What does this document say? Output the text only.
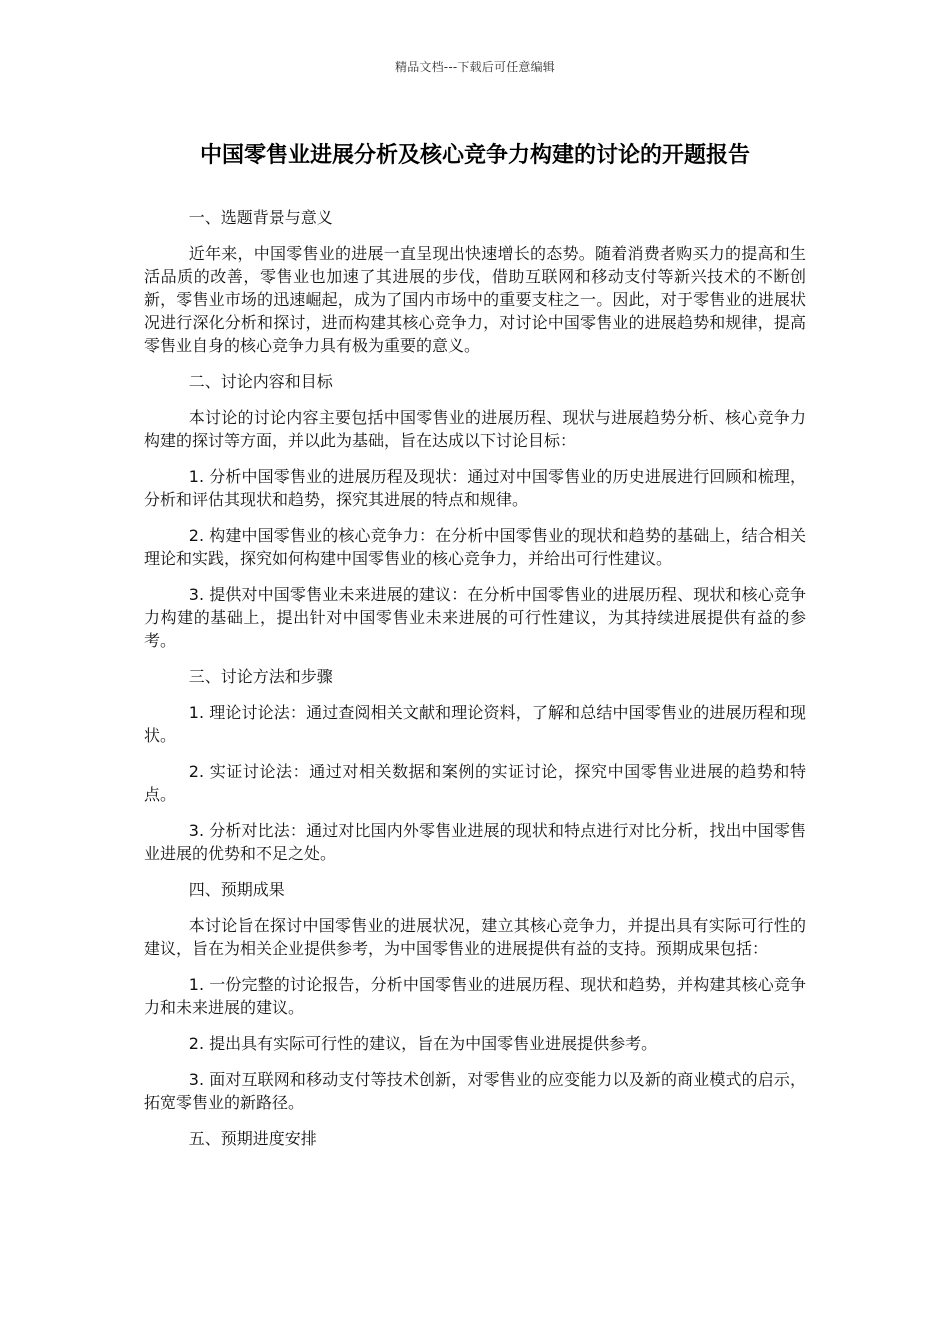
精品文档---下载后可任意编辑
中国零售业进展分析及核心竞争力构建的讨论的开题报告

一、选题背景与意义

近年来，中国零售业的进展一直呈现出快速增长的态势。随着消费者购买力的提高和生活品质的改善，零售业也加速了其进展的步伐，借助互联网和移动支付等新兴技术的不断创新，零售业市场的迅速崛起，成为了国内市场中的重要支柱之一。因此，对于零售业的进展状况进行深化分析和探讨，进而构建其核心竞争力，对讨论中国零售业的进展趋势和规律，提高零售业自身的核心竞争力具有极为重要的意义。

二、讨论内容和目标

本讨论的讨论内容主要包括中国零售业的进展历程、现状与进展趋势分析、核心竞争力构建的探讨等方面，并以此为基础，旨在达成以下讨论目标：

1. 分析中国零售业的进展历程及现状：通过对中国零售业的历史进展进行回顾和梳理，分析和评估其现状和趋势，探究其进展的特点和规律。

2. 构建中国零售业的核心竞争力：在分析中国零售业的现状和趋势的基础上，结合相关理论和实践，探究如何构建中国零售业的核心竞争力，并给出可行性建议。

3. 提供对中国零售业未来进展的建议：在分析中国零售业的进展历程、现状和核心竞争力构建的基础上，提出针对中国零售业未来进展的可行性建议，为其持续进展提供有益的参考。

三、讨论方法和步骤

1. 理论讨论法：通过查阅相关文献和理论资料，了解和总结中国零售业的进展历程和现状。

2. 实证讨论法：通过对相关数据和案例的实证讨论，探究中国零售业进展的趋势和特点。

3. 分析对比法：通过对比国内外零售业进展的现状和特点进行对比分析，找出中国零售业进展的优势和不足之处。

四、预期成果

本讨论旨在探讨中国零售业的进展状况，建立其核心竞争力，并提出具有实际可行性的建议，旨在为相关企业提供参考，为中国零售业的进展提供有益的支持。预期成果包括：

1. 一份完整的讨论报告，分析中国零售业的进展历程、现状和趋势，并构建其核心竞争力和未来进展的建议。

2. 提出具有实际可行性的建议，旨在为中国零售业进展提供参考。

3. 面对互联网和移动支付等技术创新，对零售业的应变能力以及新的商业模式的启示，拓宽零售业的新路径。

五、预期进度安排
